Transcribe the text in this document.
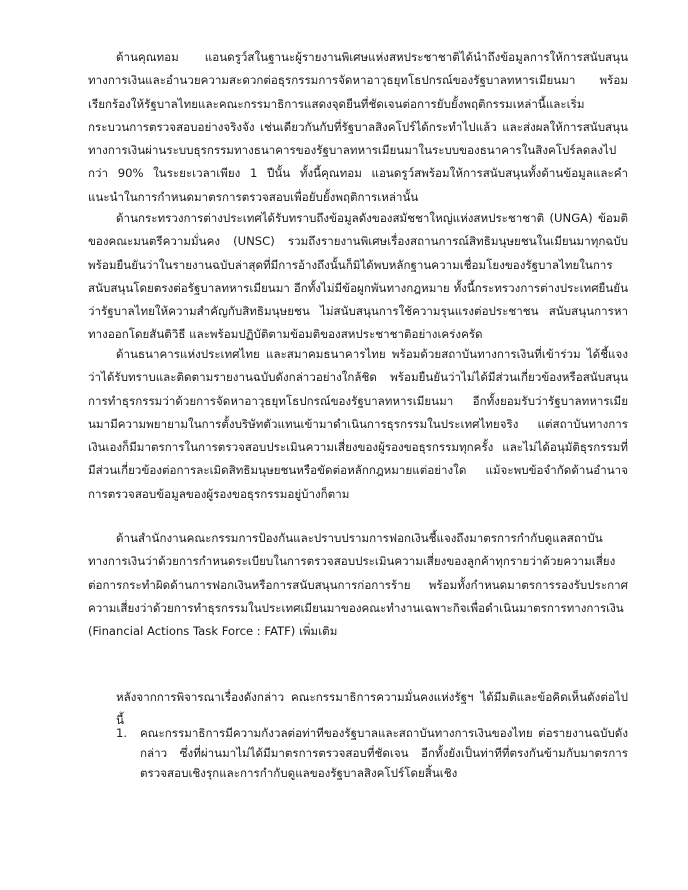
ด้านคุณทอม แอนดรูว์สในฐานะผู้รายงานพิเศษแห่งสหประชาชาติได้นำถึงข้อมูลการให้การสนับสนุนทางการเงินและอำนวยความสะดวกต่อธุรกรรมการจัดหาอาวุธยุทโธปกรณ์ของรัฐบาลทหารเมียนมา พร้อมเรียกร้องให้รัฐบาลไทยและคณะกรรมาธิการแสดงจุดยืนที่ชัดเจนต่อการยับยั้งพฤติกรรมเหล่านี้และเริ่มกระบวนการตรวจสอบอย่างจริงจัง เช่นเดียวกันกับที่รัฐบาลสิงคโปร์ได้กระทำไปแล้ว และส่งผลให้การสนับสนุนทางการเงินผ่านระบบธุรกรรมทางธนาคารของรัฐบาลทหารเมียนมาในระบบของธนาคารในสิงคโปร์ลดลงไปกว่า 90% ในระยะเวลาเพียง 1 ปีนั้น ทั้งนี้คุณทอม แอนดรูว์สพร้อมให้การสนับสนุนทั้งด้านข้อมูลและคำแนะนำในการกำหนดมาตรการตรวจสอบเพื่อยับยั้งพฤติการเหล่านั้น

ด้านกระทรวงการต่างประเทศได้รับทราบถึงข้อมูลดังของสมัชชาใหญ่แห่งสหประชาชาติ (UNGA) ข้อมติของคณะมนตรีความมั่นคง (UNSC) รวมถึงรายงานพิเศษเรื่องสถานการณ์สิทธิมนุษยชนในเมียนมาทุกฉบับ พร้อมยืนยันว่าในรายงานฉบับล่าสุดที่มีการอ้างถึงนั้นก็มิได้พบหลักฐานความเชื่อมโยงของรัฐบาลไทยในการสนับสนุนโดยตรงต่อรัฐบาลทหารเมียนมา อีกทั้งไม่มีข้อผูกพันทางกฎหมาย ทั้งนี้กระทรวงการต่างประเทศยืนยันว่ารัฐบาลไทยให้ความสำคัญกับสิทธิมนุษยชน ไม่สนับสนุนการใช้ความรุนแรงต่อประชาชน สนับสนุนการหาทางออกโดยสันติวิธี และพร้อมปฏิบัติตามข้อมติของสหประชาชาติอย่างเคร่งครัด

ด้านธนาคารแห่งประเทศไทย และสมาคมธนาคารไทย พร้อมด้วยสถาบันทางการเงินที่เข้าร่วม ได้ชี้แจงว่าได้รับทราบและติดตามรายงานฉบับดังกล่าวอย่างใกล้ชิด พร้อมยืนยันว่าไม่ได้มีส่วนเกี่ยวข้องหรือสนับสนุนการทำธุรกรรมว่าด้วยการจัดหาอาวุธยุทโธปกรณ์ของรัฐบาลทหารเมียนมา อีกทั้งยอมรับว่ารัฐบาลทหารเมียนมามีความพยายามในการตั้งบริษัทตัวแทนเข้ามาดำเนินการธุรกรรมในประเทศไทยจริง แต่สถาบันทางการเงินเองก็มีมาตรการในการตรวจสอบประเมินความเสี่ยงของผู้รองขอธุรกรรมทุกครั้ง และไม่ได้อนุมัติธุรกรรมที่มีส่วนเกี่ยวข้องต่อการละเมิดสิทธิมนุษยชนหรือขัดต่อหลักกฎหมายแต่อย่างใด แม้จะพบข้อจำกัดด้านอำนาจการตรวจสอบข้อมูลของผู้รองขอธุรกรรมอยู่บ้างก็ตาม

ด้านสำนักงานคณะกรรมการป้องกันและปราบปรามการฟอกเงินชี้แจงถึงมาตรการกำกับดูแลสถาบันทางการเงินว่าด้วยการกำหนดระเบียบในการตรวจสอบประเมินความเสี่ยงของลูกค้าทุกรายว่าด้วยความเสี่ยงต่อการกระทำผิดด้านการฟอกเงินหรือการสนับสนุนการก่อการร้าย พร้อมทั้งกำหนดมาตรการรองรับประกาศความเสี่ยงว่าด้วยการทำธุรกรรมในประเทศเมียนมาของคณะทำงานเฉพาะกิจเพื่อดำเนินมาตรการทางการเงิน (Financial Actions Task Force : FATF) เพิ่มเติม

หลังจากการพิจารณาเรื่องดังกล่าว คณะกรรมาธิการความมั่นคงแห่งรัฐฯ ได้มีมติและข้อคิดเห็นดังต่อไปนี้

1.	คณะกรรมาธิการมีความกังวลต่อท่าทีของรัฐบาลและสถาบันทางการเงินของไทย ต่อรายงานฉบับดังกล่าว ซึ่งที่ผ่านมาไม่ได้มีมาตรการตรวจสอบที่ชัดเจน อีกทั้งยังเป็นท่าทีที่ตรงกันข้ามกับมาตรการตรวจสอบเชิงรุกและการกำกับดูแลของรัฐบาลสิงคโปร์โดยสิ้นเชิง
